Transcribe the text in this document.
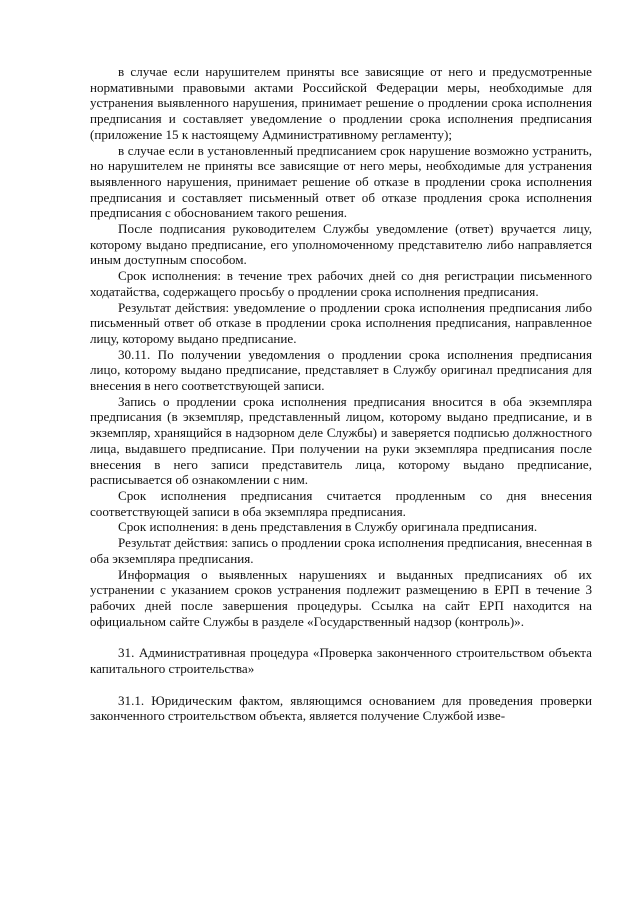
в случае если нарушителем приняты все зависящие от него и предусмотренные нормативными правовыми актами Российской Федерации меры, необходимые для устранения выявленного нарушения, принимает решение о продлении срока исполнения предписания и составляет уведомление о продлении срока исполнения предписания (приложение 15 к настоящему Административному регламенту);

в случае если в установленный предписанием срок нарушение возможно устранить, но нарушителем не приняты все зависящие от него меры, необходимые для устранения выявленного нарушения, принимает решение об отказе в продлении срока исполнения предписания и составляет письменный ответ об отказе продления срока исполнения предписания с обоснованием такого решения.

После подписания руководителем Службы уведомление (ответ) вручается лицу, которому выдано предписание, его уполномоченному представителю либо направляется иным доступным способом.

Срок исполнения: в течение трех рабочих дней со дня регистрации письменного ходатайства, содержащего просьбу о продлении срока исполнения предписания.

Результат действия: уведомление о продлении срока исполнения предписания либо письменный ответ об отказе в продлении срока исполнения предписания, направленное лицу, которому выдано предписание.

30.11. По получении уведомления о продлении срока исполнения предписания лицо, которому выдано предписание, представляет в Службу оригинал предписания для внесения в него соответствующей записи.

Запись о продлении срока исполнения предписания вносится в оба экземпляра предписания (в экземпляр, представленный лицом, которому выдано предписание, и в экземпляр, хранящийся в надзорном деле Службы) и заверяется подписью должностного лица, выдавшего предписание. При получении на руки экземпляра предписания после внесения в него записи представитель лица, которому выдано предписание, расписывается об ознакомлении с ним.

Срок исполнения предписания считается продленным со дня внесения соответствующей записи в оба экземпляра предписания.

Срок исполнения: в день представления в Службу оригинала предписания.

Результат действия: запись о продлении срока исполнения предписания, внесенная в оба экземпляра предписания.

Информация о выявленных нарушениях и выданных предписаниях об их устранении с указанием сроков устранения подлежит размещению в ЕРП в течение 3 рабочих дней после завершения процедуры. Ссылка на сайт ЕРП находится на официальном сайте Службы в разделе «Государственный надзор (контроль)».

31. Административная процедура «Проверка законченного строительством объекта капитального строительства»

31.1. Юридическим фактом, являющимся основанием для проведения проверки законченного строительством объекта, является получение Службой изве-
